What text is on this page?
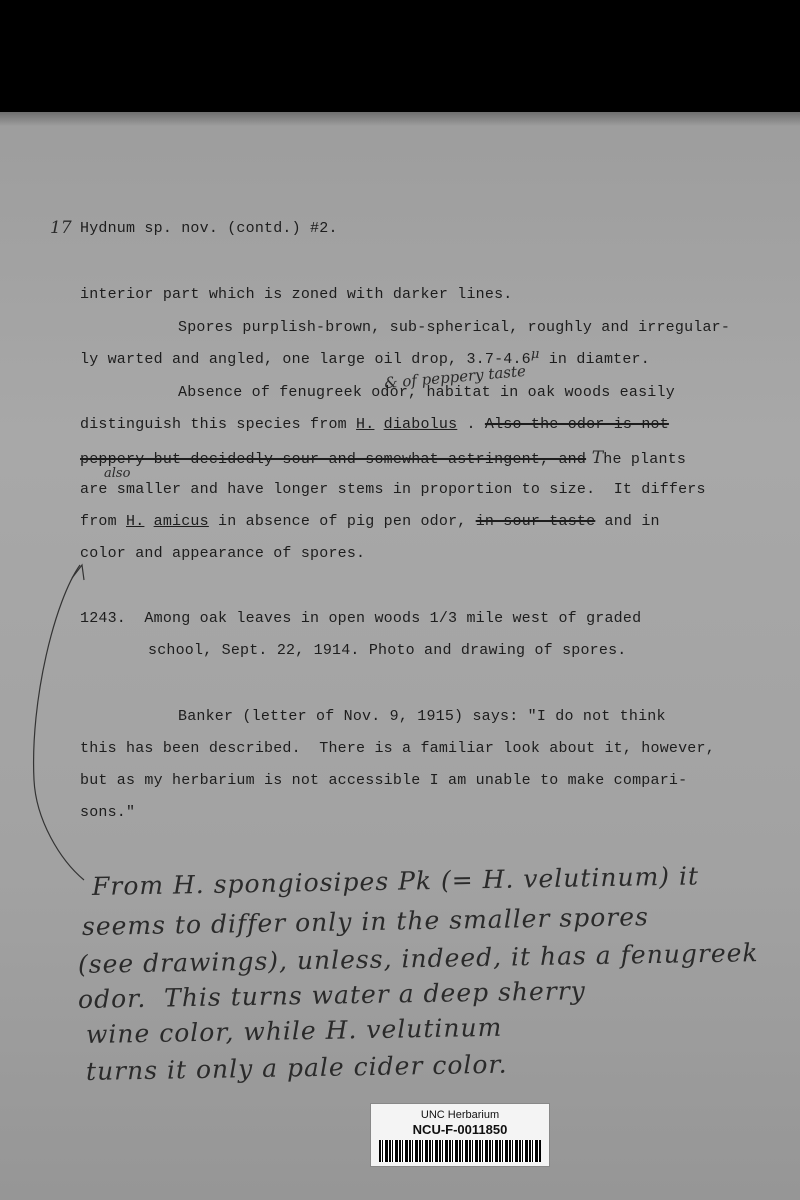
17 Hydnum sp. nov. (contd.) #2.
interior part which is zoned with darker lines.
Spores purplish-brown, sub-spherical, roughly and irregular-
ly warted and angled, one large oil drop, 3.7-4.6μ in diamter.
& of peppery taste
Absence of fenugreek odor, habitat in oak woods easily
distinguish this species from H. diabolus . Also the odor is not
peppery but decidedly sour and somewhat astringent, and The plants
also
are smaller and have longer stems in proportion to size.  It differs
from H. amicus in absence of pig pen odor, in sour taste and in
color and appearance of spores.
1243.  Among oak leaves in open woods 1/3 mile west of graded
school, Sept. 22, 1914. Photo and drawing of spores.
Banker (letter of Nov. 9, 1915) says: "I do not think
this has been described.  There is a familiar look about it, however,
but as my herbarium is not accessible I am unable to make compari-
sons."
From H. spongiosipes Pk (= H. velutinum) it
seems to differ only in the smaller spores
(see drawings), unless, indeed, it has a fenugreek
odor.  This turns water a deep sherry
wine color, while H. velutinum
turns it only a pale cider color.
UNC Herbarium
NCU-F-0011850
